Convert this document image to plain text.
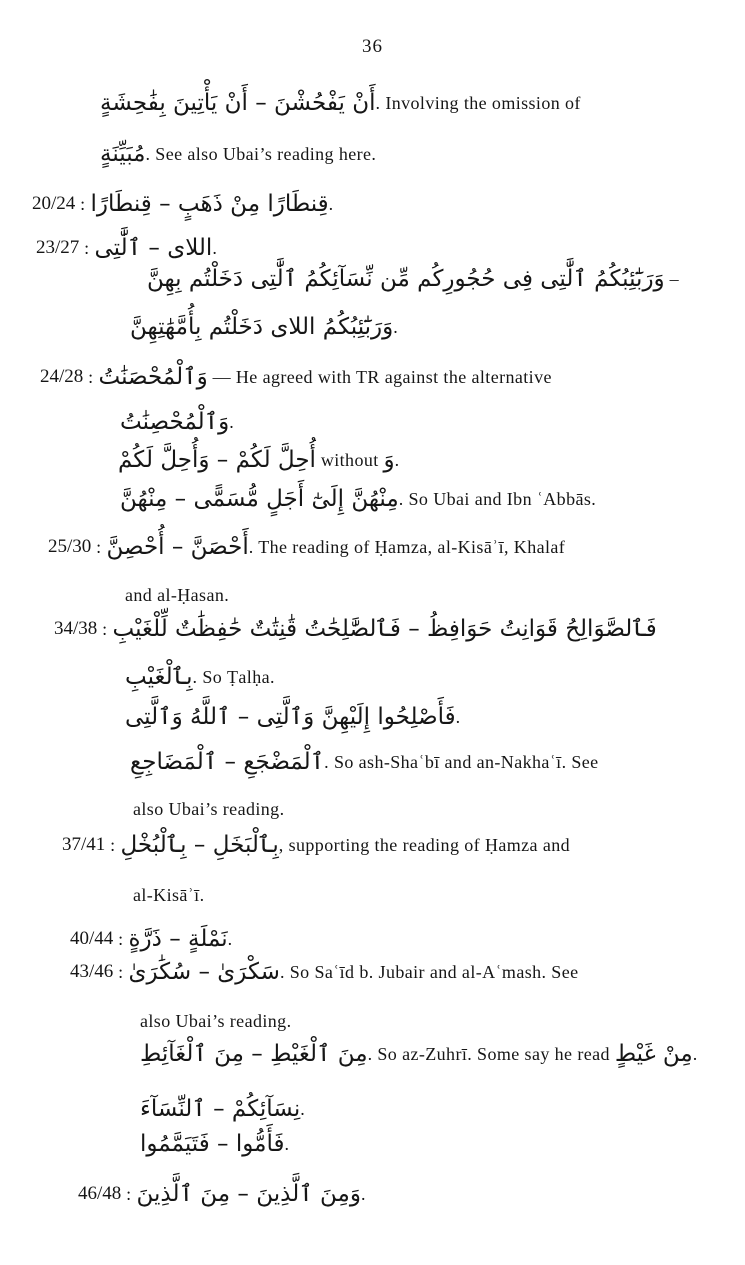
36
أَنْ يَفْحُشْنَ – أَنْ يَأْتِينَ بِفَٰحِشَةٍ. Involving the omission of
مُبَيِّنَةٍ. See also Ubai’s reading here.
20/24 : قِنطَارًا مِنْ ذَهَبٍ – قِنطَارًا.
23/27 : اللاى – ٱلَّٰتِى.
وَرَبَٰٓئِبُكُمُ ٱلَّٰتِى فِى حُجُورِكُم مِّن نِّسَآئِكُمُ ٱلَّٰتِى دَخَلْتُم بِهِنَّ –
وَرَبَٰٓئِبُكُمُ اللاى دَخَلْتُم بِأُمَّهَٰتِهِنَّ.
24/28 : وَٱلْمُحْصَنَٰتُ — He agreed with TR against the alternative
وَٱلْمُحْصِنَٰتُ.
أُحِلَّ لَكُمْ – وَأُحِلَّ لَكُمْ without وَ.
مِنْهُنَّ إِلَىٰٓ أَجَلٍ مُّسَمًّى – مِنْهُنَّ. So Ubai and Ibn ʿAbbās.
25/30 : أَحْصَنَّ – أُحْصِنَّ. The reading of Ḥamza, al-Kisāʾī, Khalaf
and al-Ḥasan.
34/38 : فَٱلصَّوَالِحُ قَوَانِتُ حَوَافِظُ – فَٱلصَّٰلِحَٰتُ قَٰنِتَٰتٌ حَٰفِظَٰتٌ لِّلْغَيْبِ
بِٱلْغَيْبِ. So Ṭalḥa.
فَأَصْلِحُوا إِلَيْهِنَّ وَٱلَّتِى – ٱللَّهُ وَٱلَّتِى.
ٱلْمَضْجَعِ – ٱلْمَضَاجِعِ. So ash-Shaʿbī and an-Nakhaʿī. See
also Ubai’s reading.
37/41 : بِٱلْبَخَلِ – بِٱلْبُخْلِ, supporting the reading of Ḥamza and
al-Kisāʾī.
40/44 : نَمْلَةٍ – ذَرَّةٍ.
43/46 : سَكْرَىٰ – سُكَٰرَىٰ. So Saʿīd b. Jubair and al-Aʿmash. See
also Ubai’s reading.
مِنَ ٱلْغَيْطِ – مِنَ ٱلْغَآئِطِ. So az-Zuhrī. Some say he read مِنْ غَيْطٍ.
نِسَآئِكُمْ – ٱلنِّسَآءَ.
فَأَمُّوا – فَتَيَمَّمُوا.
46/48 : وَمِنَ ٱلَّذِينَ – مِنَ ٱلَّذِينَ.
